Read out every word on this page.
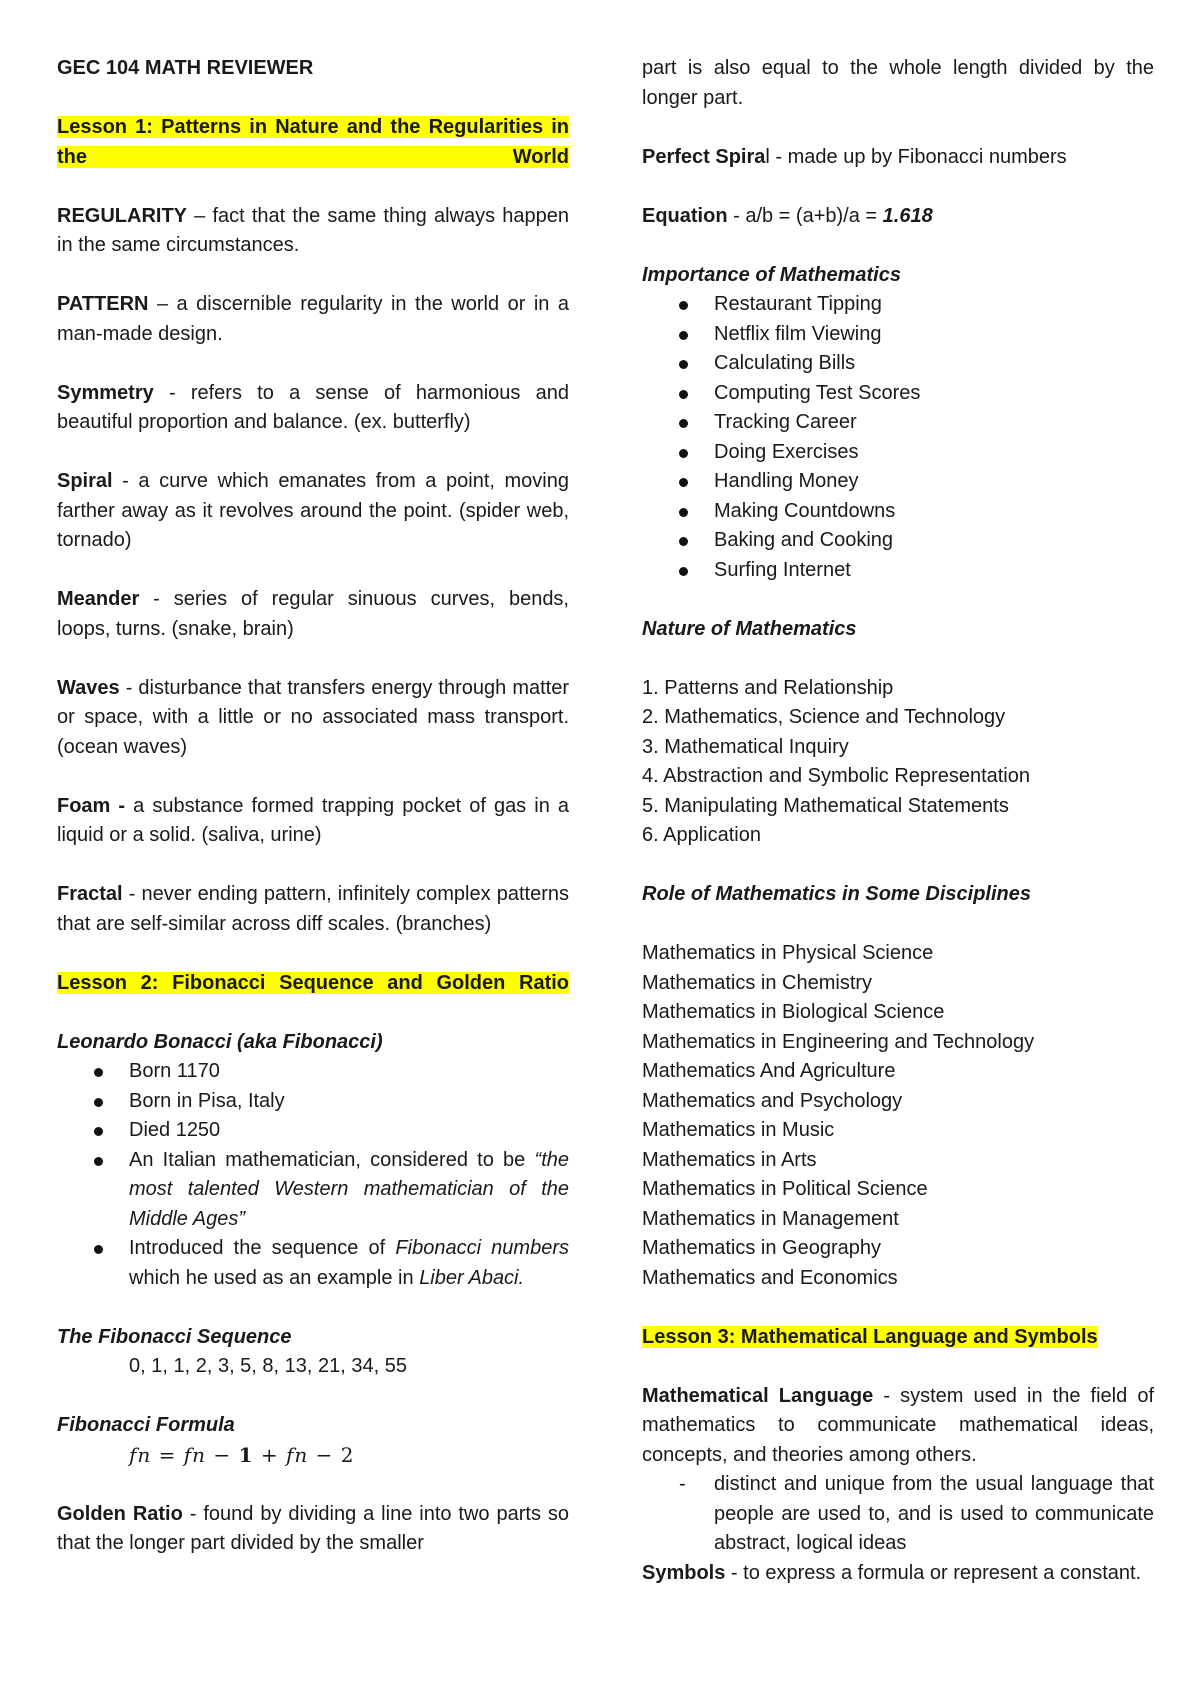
GEC 104 MATH REVIEWER

Lesson 1: Patterns in Nature and the Regularities in the World

REGULARITY – fact that the same thing always happen in the same circumstances.

PATTERN – a discernible regularity in the world or in a man-made design.

Symmetry - refers to a sense of harmonious and beautiful proportion and balance. (ex. butterfly)

Spiral - a curve which emanates from a point, moving farther away as it revolves around the point. (spider web, tornado)

Meander - series of regular sinuous curves, bends, loops, turns. (snake, brain)

Waves - disturbance that transfers energy through matter or space, with a little or no associated mass transport. (ocean waves)

Foam - a substance formed trapping pocket of gas in a liquid or a solid. (saliva, urine)

Fractal - never ending pattern, infinitely complex patterns that are self-similar across diff scales. (branches)

Lesson 2: Fibonacci Sequence and Golden Ratio

Leonardo Bonacci (aka Fibonacci)

Born 1170
Born in Pisa, Italy
Died 1250
An Italian mathematician, considered to be “the most talented Western mathematician of the Middle Ages”
Introduced the sequence of Fibonacci numbers which he used as an example in Liber Abaci.

The Fibonacci Sequence

0, 1, 1, 2, 3, 5, 8, 13, 21, 34, 55

Fibonacci Formula

fn = fn − 1 + fn − 2

Golden Ratio - found by dividing a line into two parts so that the longer part divided by the smaller

part is also equal to the whole length divided by the longer part.

Perfect Spiral - made up by Fibonacci numbers

Equation - a/b = (a+b)/a = 1.618

Importance of Mathematics

Restaurant Tipping
Netflix film Viewing
Calculating Bills
Computing Test Scores
Tracking Career
Doing Exercises
Handling Money
Making Countdowns
Baking and Cooking
Surfing Internet

Nature of Mathematics

1. Patterns and Relationship

2. Mathematics, Science and Technology

3. Mathematical Inquiry

4. Abstraction and Symbolic Representation

5. Manipulating Mathematical Statements

6. Application

Role of Mathematics in Some Disciplines

Mathematics in Physical Science

Mathematics in Chemistry

Mathematics in Biological Science

Mathematics in Engineering and Technology

Mathematics And Agriculture

Mathematics and Psychology

Mathematics in Music

Mathematics in Arts

Mathematics in Political Science

Mathematics in Management

Mathematics in Geography

Mathematics and Economics

Lesson 3: Mathematical Language and Symbols

Mathematical Language - system used in the field of mathematics to communicate mathematical ideas, concepts, and theories among others.

- distinct and unique from the usual language that people are used to, and is used to communicate abstract, logical ideas

Symbols - to express a formula or represent a constant.
